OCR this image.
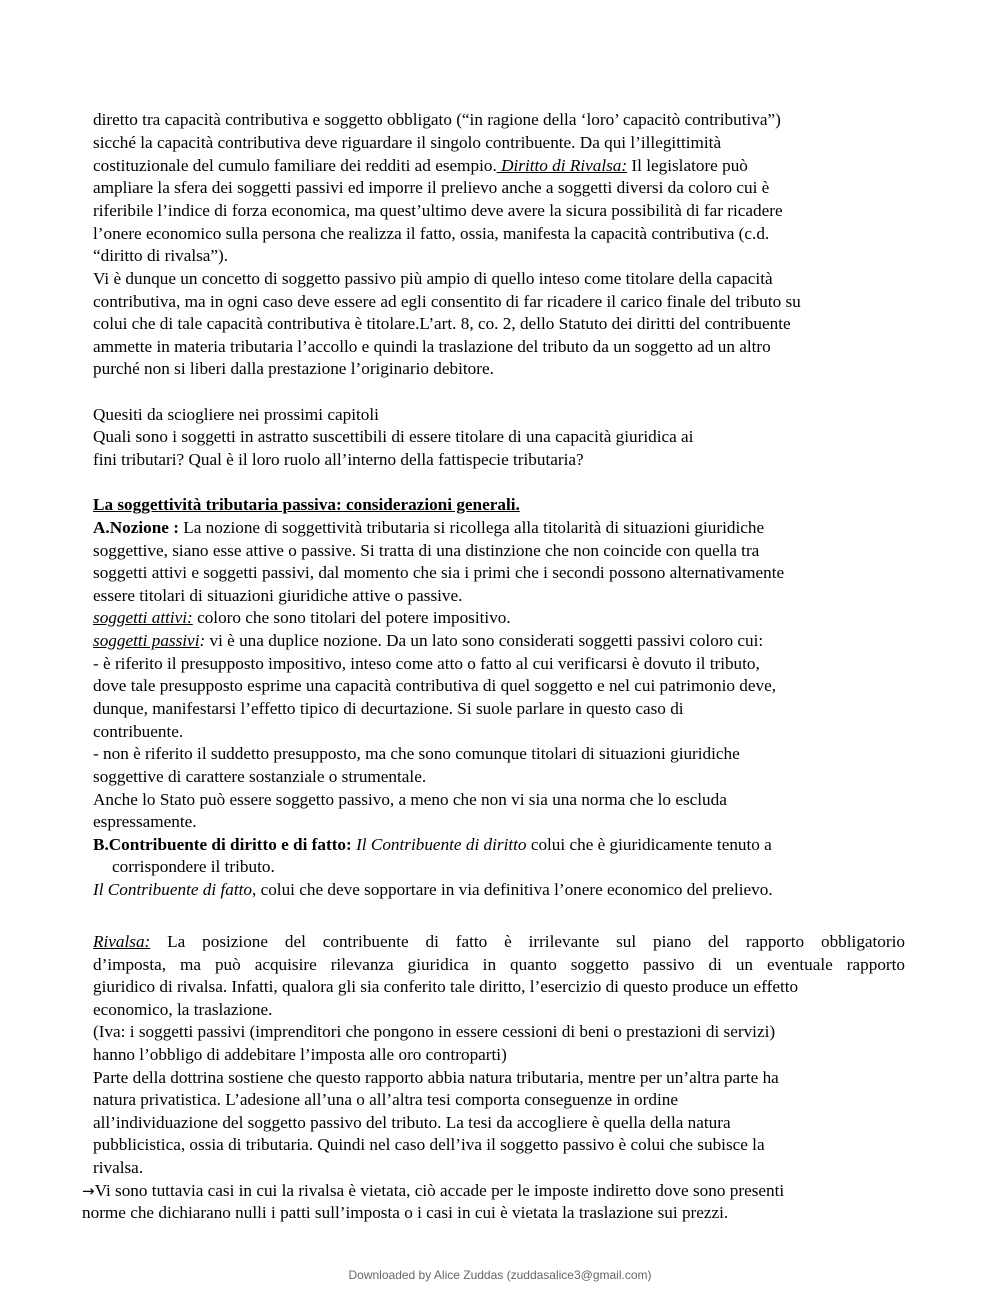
diretto tra capacità contributiva e soggetto obbligato (“in ragione della ‘loro’ capacitò contributiva”)
sicché la capacità contributiva deve riguardare il singolo contribuente. Da qui l’illegittimità
costituzionale del cumulo familiare dei redditi ad esempio. Diritto di Rivalsa: Il legislatore può
ampliare la sfera dei soggetti passivi ed imporre il prelievo anche a soggetti diversi da coloro cui è
riferibile l’indice di forza economica, ma quest’ultimo deve avere la sicura possibilità di far ricadere
l’onere economico sulla persona che realizza il fatto, ossia, manifesta la capacità contributiva (c.d.
“diritto di rivalsa”).
Vi è dunque un concetto di soggetto passivo più ampio di quello inteso come titolare della capacità
contributiva, ma in ogni caso deve essere ad egli consentito di far ricadere il carico finale del tributo su
colui che di tale capacità contributiva è titolare.L’art. 8, co. 2, dello Statuto dei diritti del contribuente
ammette in materia tributaria l’accollo e quindi la traslazione del tributo da un soggetto ad un altro
purché non si liberi dalla prestazione l’originario debitore.
Quesiti da sciogliere nei prossimi capitoli
Quali sono i soggetti in astratto suscettibili di essere titolare di una capacità giuridica ai
fini tributari? Qual è il loro ruolo all’interno della fattispecie tributaria?
La soggettività tributaria passiva: considerazioni generali.
A.Nozione : La nozione di soggettività tributaria si ricollega alla titolarità di situazioni giuridiche
soggettive, siano esse attive o passive. Si tratta di una distinzione che non coincide con quella tra
soggetti attivi e soggetti passivi, dal momento che sia i primi che i secondi possono alternativamente
essere titolari di situazioni giuridiche attive o passive.
soggetti attivi: coloro che sono titolari del potere impositivo.
soggetti passivi: vi è una duplice nozione. Da un lato sono considerati soggetti passivi coloro cui:
- è riferito il presupposto impositivo, inteso come atto o fatto al cui verificarsi è dovuto il tributo,
dove tale presupposto esprime una capacità contributiva di quel soggetto e nel cui patrimonio deve,
dunque, manifestarsi l’effetto tipico di decurtazione. Si suole parlare in questo caso di
contribuente.
- non è riferito il suddetto presupposto, ma che sono comunque titolari di situazioni giuridiche
soggettive di carattere sostanziale o strumentale.
Anche lo Stato può essere soggetto passivo, a meno che non vi sia una norma che lo escluda
espressamente.
B.Contribuente di diritto e di fatto: Il Contribuente di diritto colui che è giuridicamente tenuto a
corrispondere il tributo.
Il Contribuente di fatto, colui che deve sopportare in via definitiva l’onere economico del prelievo.
Rivalsa: La posizione del contribuente di fatto è irrilevante sul piano del rapporto obbligatorio
d’imposta, ma può acquisire rilevanza giuridica in quanto soggetto passivo di un eventuale rapporto
giuridico di rivalsa. Infatti, qualora gli sia conferito tale diritto, l’esercizio di questo produce un effetto
economico, la traslazione.
(Iva: i soggetti passivi (imprenditori che pongono in essere cessioni di beni o prestazioni di servizi)
hanno l’obbligo di addebitare l’imposta alle oro controparti)
Parte della dottrina sostiene che questo rapporto abbia natura tributaria, mentre per un’altra parte ha
natura privatistica. L’adesione all’una o all’altra tesi comporta conseguenze in ordine
all’individuazione del soggetto passivo del tributo. La tesi da accogliere è quella della natura
pubblicistica, ossia di tributaria. Quindi nel caso dell’iva il soggetto passivo è colui che subisce la
rivalsa.
→Vi sono tuttavia casi in cui la rivalsa è vietata, ciò accade per le imposte indiretto dove sono presenti
norme che dichiarano nulli i patti sull’imposta o i casi in cui è vietata la traslazione sui prezzi.
Downloaded by Alice Zuddas (zuddasalice3@gmail.com)
